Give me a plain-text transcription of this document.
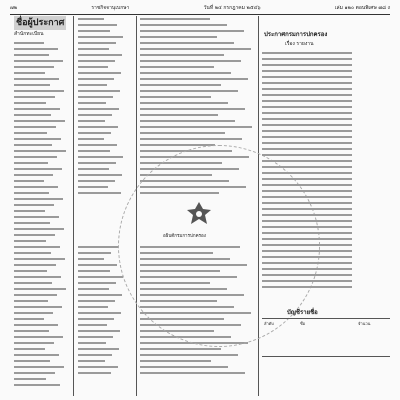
๗๒	ราชกิจจานุเบกษา	วันที่ ๒๔ กรกฎาคม ๒๕๔๖	เล่ม ๑๒๐ ตอนพิเศษ ๗๘ ง
ชื่อผู้ประกาศ
สำนักทะเบียน
อธิบดีกรมการปกครอง
ประกาศกรมการปกครอง
เรื่อง รายงาน
บัญชีรายชื่อ
ลำดับ	ชื่อ	จำนวน
